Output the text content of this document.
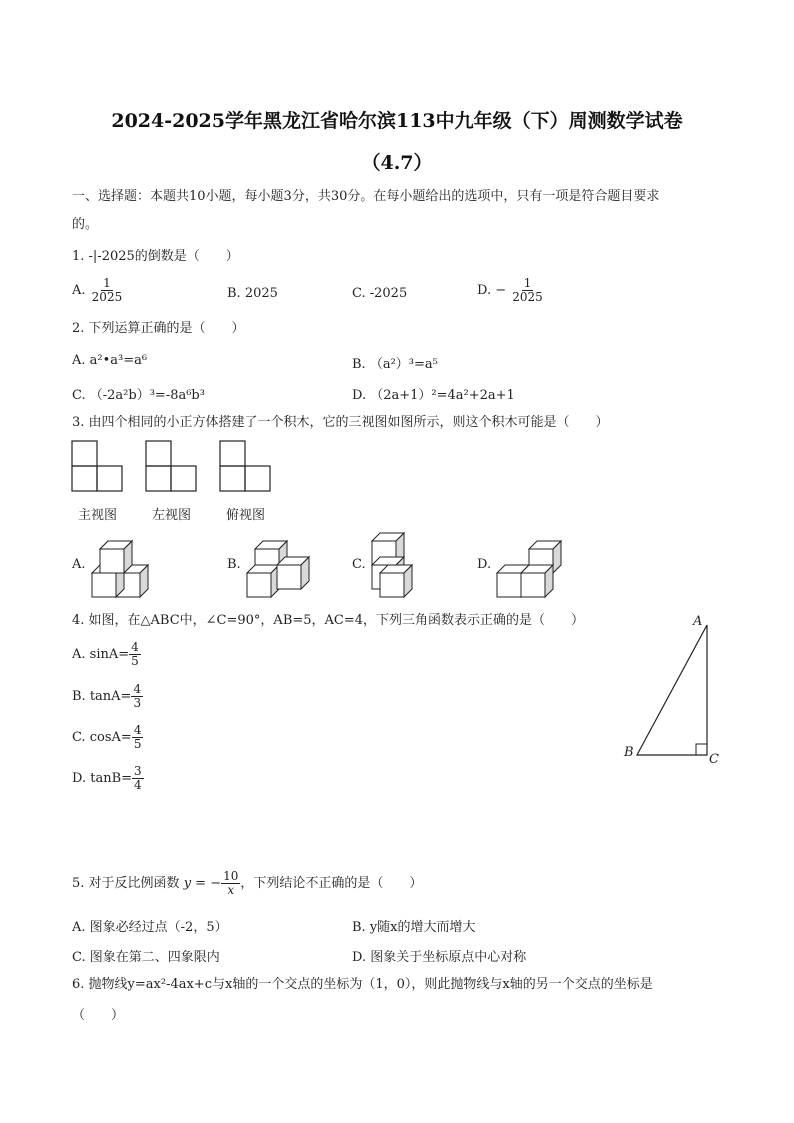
2024-2025学年黑龙江省哈尔滨113中九年级（下）周测数学试卷
（4.7）
一、选择题：本题共10小题，每小题3分，共30分。在每小题给出的选项中，只有一项是符合题目要求
的。
1. -|-2025的倒数是（　　）
A. $\frac{1}{2025}$	B. 2025	C. -2025	D. − $\frac{1}{2025}$
2. 下列运算正确的是（　　）
A. a²•a³=a⁶	B. （a²）³=a⁵
C. （-2a²b）³=-8a⁶b³	D. （2a+1）²=4a²+2a+1
3. 由四个相同的小正方体搭建了一个积木，它的三视图如图所示，则这个积木可能是（　　）
主视图	左视图	俯视图
A.	B.	C.	D.
4. 如图，在△ABC中，∠C=90°，AB=5，AC=4，下列三角函数表示正确的是（　　）
A. $\sin A= \frac{4}{5}$
B. $\tan A= \frac{4}{3}$
C. $\cos A= \frac{4}{5}$
D. $\tan B= \frac{3}{4}$
A
B	C
5. 对于反比例函数 y = − $\frac{10}{x}$ ，下列结论不正确的是（　　）
A. 图象必经过点（-2，5）	B. y随x的增大而增大
C. 图象在第二、四象限内	D. 图象关于坐标原点中心对称
6. 抛物线y=ax²-4ax+c与x轴的一个交点的坐标为（1，0），则此抛物线与x轴的另一个交点的坐标是
（　　）
